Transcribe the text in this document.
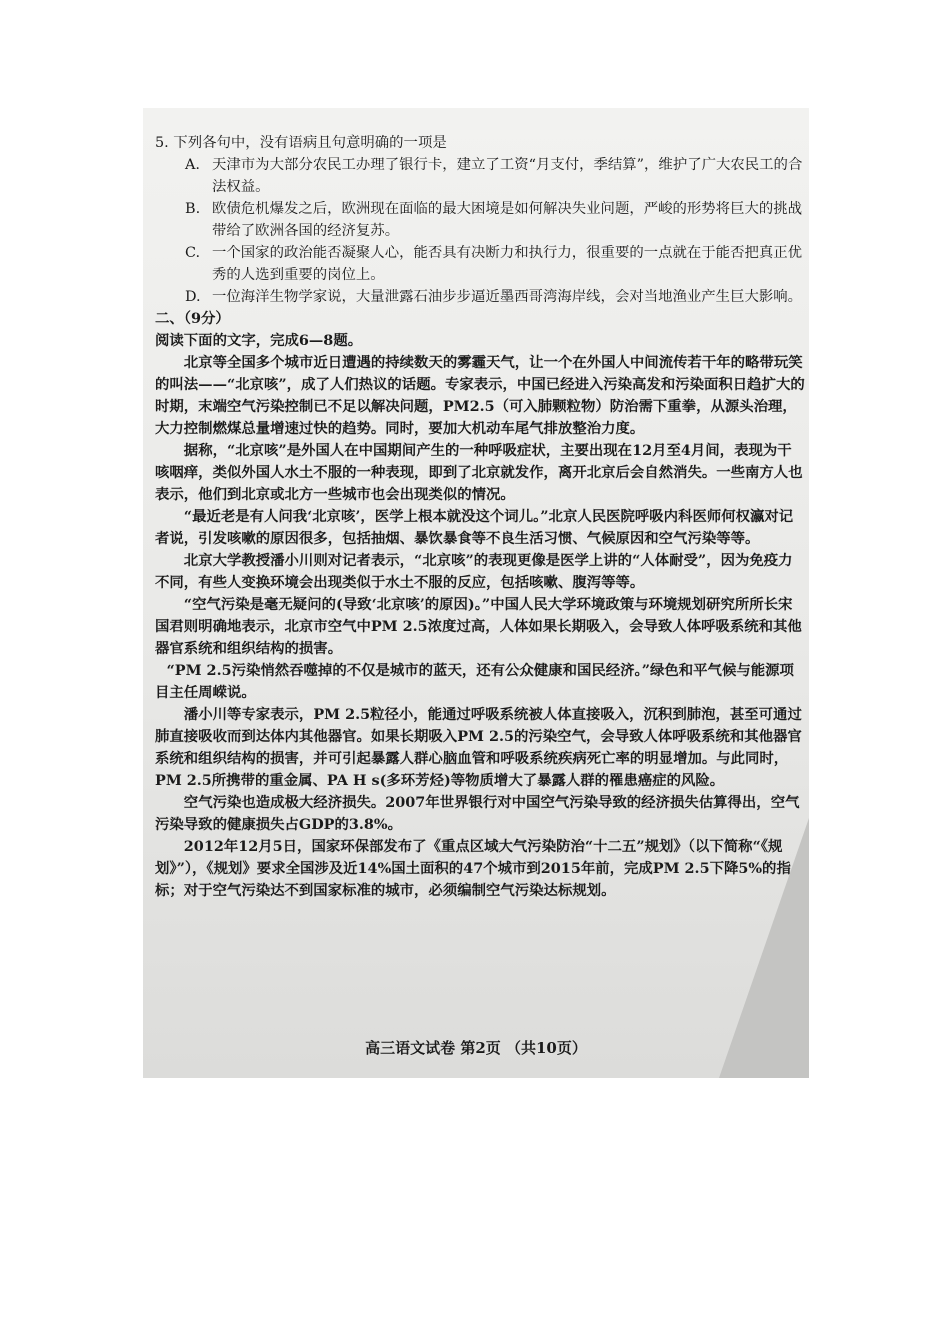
5. 下列各句中，没有语病且句意明确的一项是

A. 天津市为大部分农民工办理了银行卡，建立了工资“月支付，季结算”，维护了广大农民工的合法权益。
B. 欧债危机爆发之后，欧洲现在面临的最大困境是如何解决失业问题，严峻的形势将巨大的挑战带给了欧洲各国的经济复苏。
C. 一个国家的政治能否凝聚人心，能否具有决断力和执行力，很重要的一点就在于能否把真正优秀的人选到重要的岗位上。
D. 一位海洋生物学家说，大量泄露石油步步逼近墨西哥湾海岸线，会对当地渔业产生巨大影响。

二、（9分）

阅读下面的文字，完成6—8题。

北京等全国多个城市近日遭遇的持续数天的雾霾天气，让一个在外国人中间流传若干年的略带玩笑的叫法——“北京咳”，成了人们热议的话题。专家表示，中国已经进入污染高发和污染面积日趋扩大的时期，末端空气污染控制已不足以解决问题，PM2.5（可入肺颗粒物）防治需下重拳，从源头治理，大力控制燃煤总量增速过快的趋势。同时，要加大机动车尾气排放整治力度。

据称，“北京咳”是外国人在中国期间产生的一种呼吸症状，主要出现在12月至4月间，表现为干咳咽痒，类似外国人水土不服的一种表现，即到了北京就发作，离开北京后会自然消失。一些南方人也表示，他们到北京或北方一些城市也会出现类似的情况。

“最近老是有人问我‘北京咳’，医学上根本就没这个词儿。”北京人民医院呼吸内科医师何权瀛对记者说，引发咳嗽的原因很多，包括抽烟、暴饮暴食等不良生活习惯、气候原因和空气污染等等。

北京大学教授潘小川则对记者表示，“北京咳”的表现更像是医学上讲的“人体耐受”，因为免疫力不同，有些人变换环境会出现类似于水土不服的反应，包括咳嗽、腹泻等等。

“空气污染是毫无疑问的(导致‘北京咳’的原因)。”中国人民大学环境政策与环境规划研究所所长宋国君则明确地表示，北京市空气中PM 2.5浓度过高，人体如果长期吸入，会导致人体呼吸系统和其他器官系统和组织结构的损害。

“PM 2.5污染悄然吞噬掉的不仅是城市的蓝天，还有公众健康和国民经济。”绿色和平气候与能源项目主任周嵘说。

潘小川等专家表示，PM 2.5粒径小，能通过呼吸系统被人体直接吸入，沉积到肺泡，甚至可通过肺直接吸收而到达体内其他器官。如果长期吸入PM 2.5的污染空气，会导致人体呼吸系统和其他器官系统和组织结构的损害，并可引起暴露人群心脑血管和呼吸系统疾病死亡率的明显增加。与此同时，PM 2.5所携带的重金属、PA H s(多环芳烃)等物质增大了暴露人群的罹患癌症的风险。

空气污染也造成极大经济损失。2007年世界银行对中国空气污染导致的经济损失估算得出，空气污染导致的健康损失占GDP的3.8%。

2012年12月5日，国家环保部发布了《重点区域大气污染防治“十二五”规划》（以下简称“《规划》”），《规划》要求全国涉及近14%国土面积的47个城市到2015年前，完成PM 2.5下降5%的指标；对于空气污染达不到国家标准的城市，必须编制空气污染达标规划。

高三语文试卷 第2页 （共10页）
